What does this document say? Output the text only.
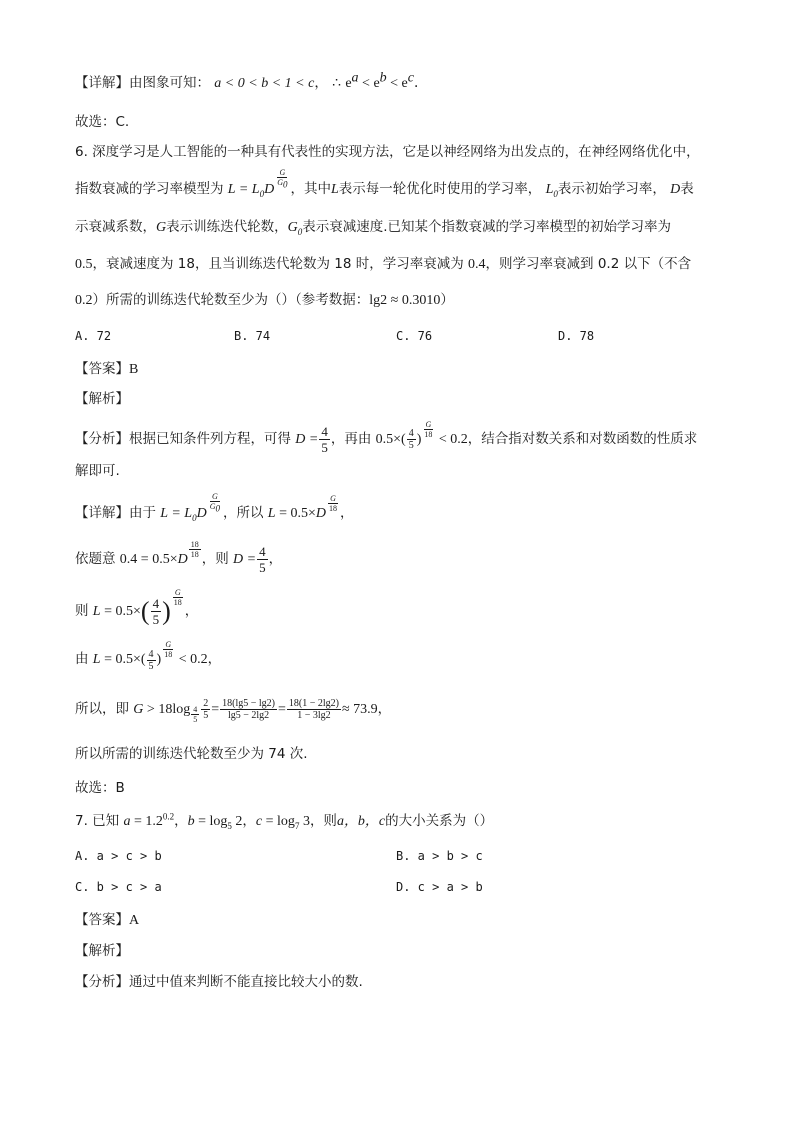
【详解】由图象可知： a < 0 < b < 1 < c， ∴ $e^a < e^b < e^c$.
故选：C.
6. 深度学习是人工智能的一种具有代表性的实现方法，它是以神经网络为出发点的，在神经网络优化中，
指数衰减的学习率模型为 $L = L_0D$
$^{\frac{G}{G_0}}$
，其中L表示每一轮优化时使用的学习率， $L_0$表示初始学习率， D表
示衰减系数，G表示训练迭代轮数，$G_0$表示衰减速度.已知某个指数衰减的学习率模型的初始学习率为
0.5，衰减速度为 18，且当训练迭代轮数为 18 时，学习率衰减为 0.4，则学习率衰减到 0.2 以下（不含
0.2）所需的训练迭代轮数至少为（）（参考数据：lg2 ≈ 0.3010）
A. 72	B. 74	C. 76	D. 78
【答案】B
【解析】
【分析】根据已知条件列方程，可得 $D = \frac{4}{5}$ ，再由 $0.5\times( \frac{4}{5}$ )
$^{\frac{G}{18}}$
< 0.2，结合指对数关系和对数函数的性质求
解即可.
【详解】由于 $L = L_0D$
$^{\frac{G}{G_0}}$
，所以 L = 0.5×D
$^{\frac{G}{18}}$
，
依题意 0.4 = 0.5×D
$^{\frac{18}{18}}$
，则 $D = \frac{4}{5}$ ，
则 $L = 0.5\times( \frac{4}{5}$ ) $^{\frac{G}{18}}$
，
由 $L = 0.5\times( \frac{4}{5}$ )
$^{\frac{G}{18}}$
< 0.2，
所以，即 G > 18log $_{\frac{4}{5}} \frac{2}{5} = \frac{18(\lg 5 - \lg 2)}{\lg 5 - 2\lg 2} = \frac{18(1 - 2\lg 2)}{1 - 3\lg 2} \approx 73.9$，
所以所需的训练迭代轮数至少为 74 次.
故选：B
7. 已知 $a = 1.2^{0.2}$，$b = \log_5 2$，$c = \log_7 3$，则a，b，c的大小关系为（）
A. a > c > b	B. a > b > c
C. b > c > a	D. c > a > b
【答案】A
【解析】
【分析】通过中值来判断不能直接比较大小的数.
